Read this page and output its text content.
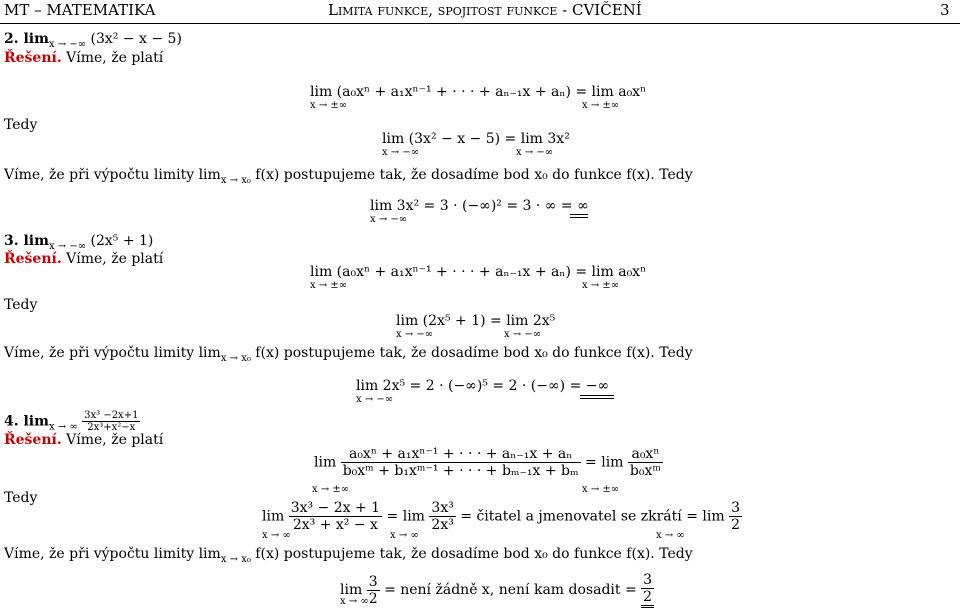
MT – MATEMATIKA	Limita funkce, spojitost funkce - CVIČENÍ	3
2. $\lim_{x \to -\infty} (3x^2 - x - 5)$
Řešení. Víme, že platí
lim (a₀xⁿ + a₁xⁿ⁻¹ + · · · + aₙ₋₁x + aₙ) = lim a₀xⁿ
x → ±∞	x → ±∞
Tedy
lim (3x² − x − 5) = lim 3x²
x → −∞	x → −∞
Víme, že při výpočtu limity $\lim_{x \to x_0} f(x)$ postupujeme tak, že dosadíme bod x₀ do funkce f(x). Tedy
lim 3x² = 3 · (−∞)² = 3 · ∞ = ∞
x → −∞
3. $\lim_{x \to -\infty} (2x^5 + 1)$
Řešení. Víme, že platí
lim (a₀xⁿ + a₁xⁿ⁻¹ + · · · + aₙ₋₁x + aₙ) = lim a₀xⁿ
x → ±∞	x → ±∞
Tedy
lim (2x⁵ + 1) = lim 2x⁵
x → −∞	x → −∞
Víme, že při výpočtu limity $\lim_{x \to x_0} f(x)$ postupujeme tak, že dosadíme bod x₀ do funkce f(x). Tedy
lim 2x⁵ = 2 · (−∞)⁵ = 2 · (−∞) = −∞
x → −∞
4. $\lim_{x \to \infty} \frac{\text{3x³ −2x+1}}{\text{2x³+x²−x}}$
Řešení. Víme, že platí
$\lim \frac{\text{a₀xⁿ + a₁xⁿ⁻¹ + · · · + aₙ₋₁x + aₙ}}{\text{b₀xᵐ + b₁xᵐ⁻¹ + · · · + bₘ₋₁x + bₘ}} = \lim \frac{\text{a₀xⁿ}}{\text{b₀xᵐ}}$
x → ±∞	x → ±∞
Tedy
$\lim \frac{\text{3x³ − 2x + 1}}{\text{2x³ + x² − x}} = \lim \frac{\text{3x³}}{\text{2x³}}$ = čitatel a jmenovatel se zkrátí = $\lim \frac{3}{2}$
x → ∞	x → ∞	x → ∞
Víme, že při výpočtu limity $\lim_{x \to x_0} f(x)$ postupujeme tak, že dosadíme bod x₀ do funkce f(x). Tedy
$\lim \frac{3}{2}$ = není žádně x, není kam dosadit = $\frac{3}{2}$
x → ∞
